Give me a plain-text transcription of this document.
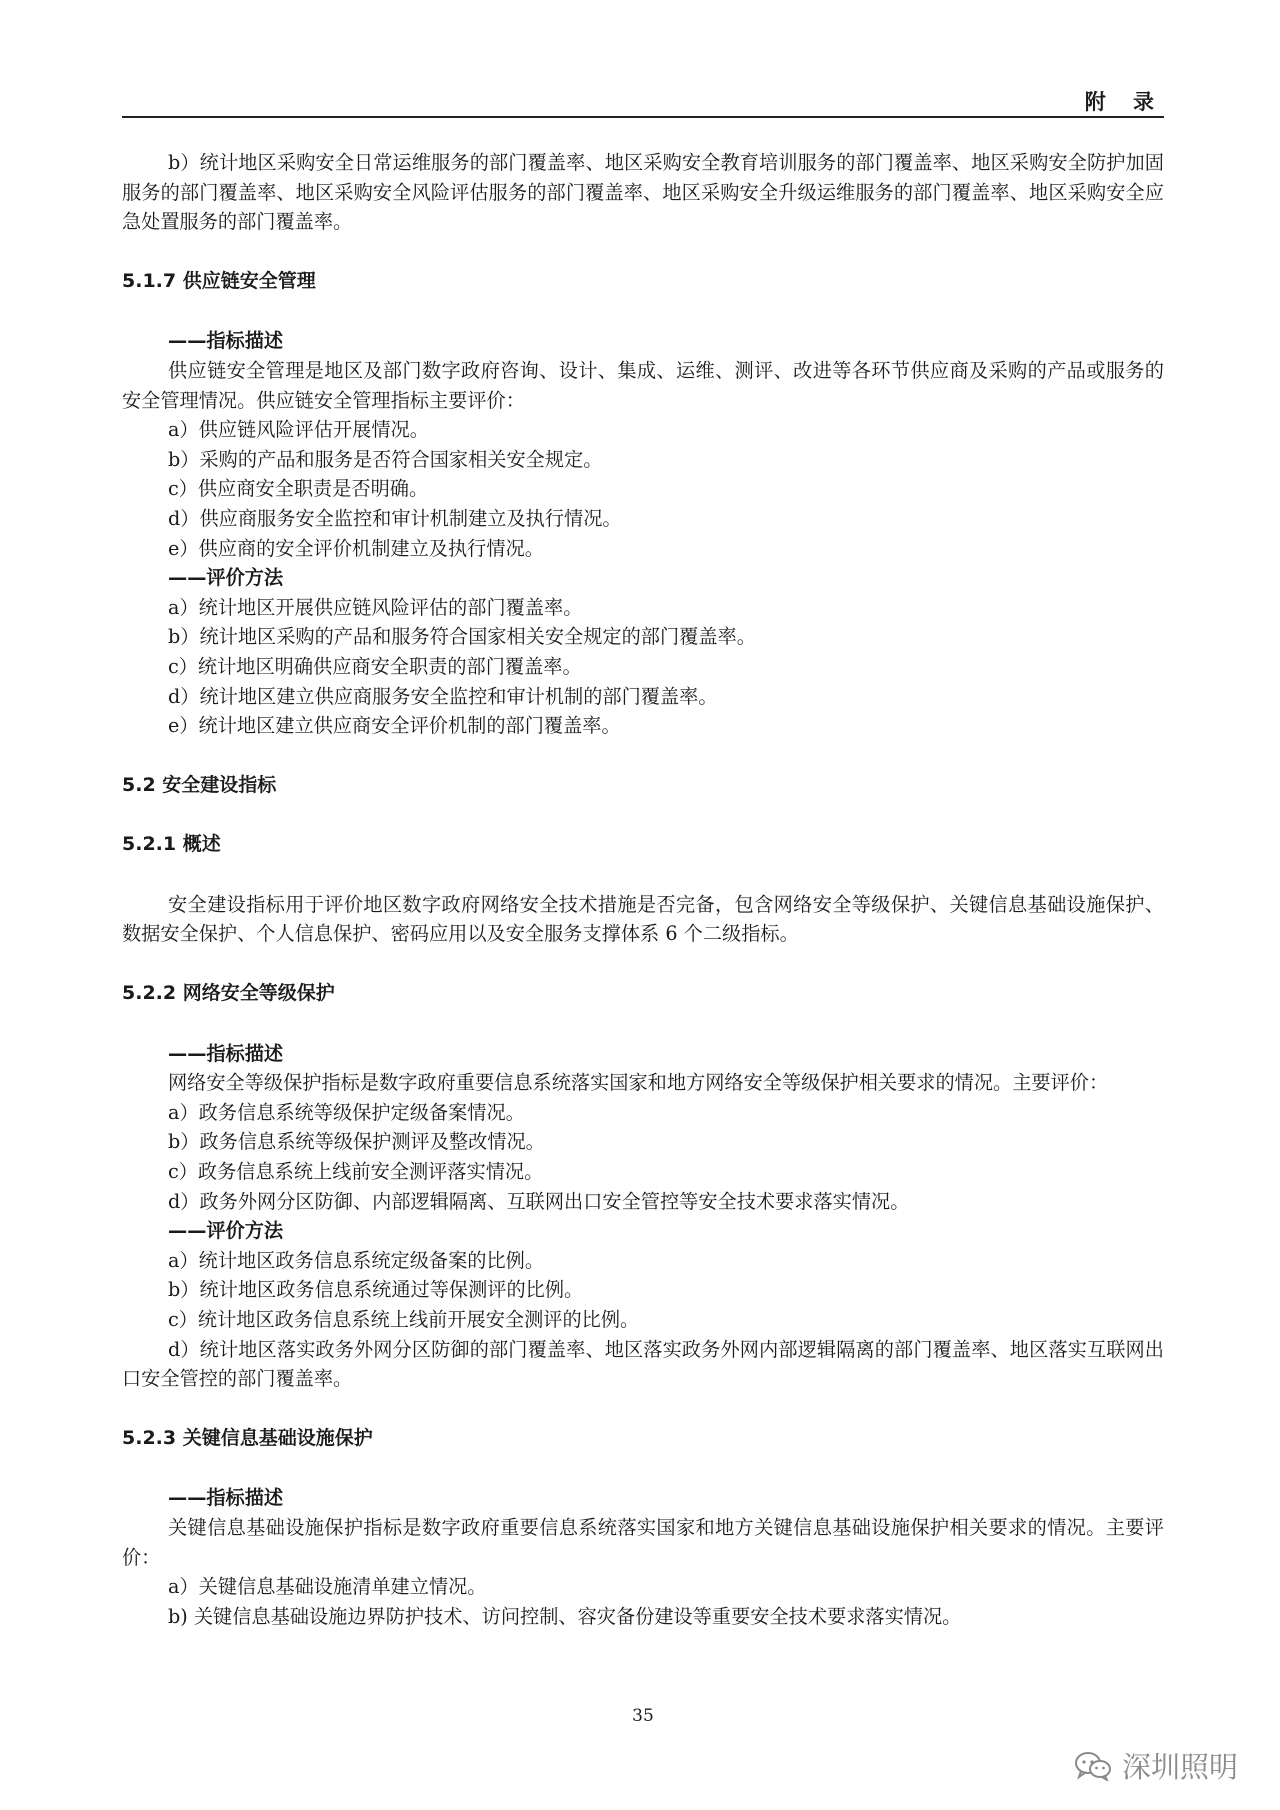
附 录

b）统计地区采购安全日常运维服务的部门覆盖率、地区采购安全教育培训服务的部门覆盖率、地区采购安全防护加固服务的部门覆盖率、地区采购安全风险评估服务的部门覆盖率、地区采购安全升级运维服务的部门覆盖率、地区采购安全应急处置服务的部门覆盖率。

5.1.7 供应链安全管理

——指标描述

供应链安全管理是地区及部门数字政府咨询、设计、集成、运维、测评、改进等各环节供应商及采购的产品或服务的安全管理情况。供应链安全管理指标主要评价：

a）供应链风险评估开展情况。

b）采购的产品和服务是否符合国家相关安全规定。

c）供应商安全职责是否明确。

d）供应商服务安全监控和审计机制建立及执行情况。

e）供应商的安全评价机制建立及执行情况。

——评价方法

a）统计地区开展供应链风险评估的部门覆盖率。

b）统计地区采购的产品和服务符合国家相关安全规定的部门覆盖率。

c）统计地区明确供应商安全职责的部门覆盖率。

d）统计地区建立供应商服务安全监控和审计机制的部门覆盖率。

e）统计地区建立供应商安全评价机制的部门覆盖率。

5.2 安全建设指标

5.2.1 概述

安全建设指标用于评价地区数字政府网络安全技术措施是否完备，包含网络安全等级保护、关键信息基础设施保护、数据安全保护、个人信息保护、密码应用以及安全服务支撑体系 6 个二级指标。

5.2.2 网络安全等级保护

——指标描述

网络安全等级保护指标是数字政府重要信息系统落实国家和地方网络安全等级保护相关要求的情况。主要评价：

a）政务信息系统等级保护定级备案情况。

b）政务信息系统等级保护测评及整改情况。

c）政务信息系统上线前安全测评落实情况。

d）政务外网分区防御、内部逻辑隔离、互联网出口安全管控等安全技术要求落实情况。

——评价方法

a）统计地区政务信息系统定级备案的比例。

b）统计地区政务信息系统通过等保测评的比例。

c）统计地区政务信息系统上线前开展安全测评的比例。

d）统计地区落实政务外网分区防御的部门覆盖率、地区落实政务外网内部逻辑隔离的部门覆盖率、地区落实互联网出口安全管控的部门覆盖率。

5.2.3 关键信息基础设施保护

——指标描述

关键信息基础设施保护指标是数字政府重要信息系统落实国家和地方关键信息基础设施保护相关要求的情况。主要评价：

a）关键信息基础设施清单建立情况。

b) 关键信息基础设施边界防护技术、访问控制、容灾备份建设等重要安全技术要求落实情况。

35
深圳照明
